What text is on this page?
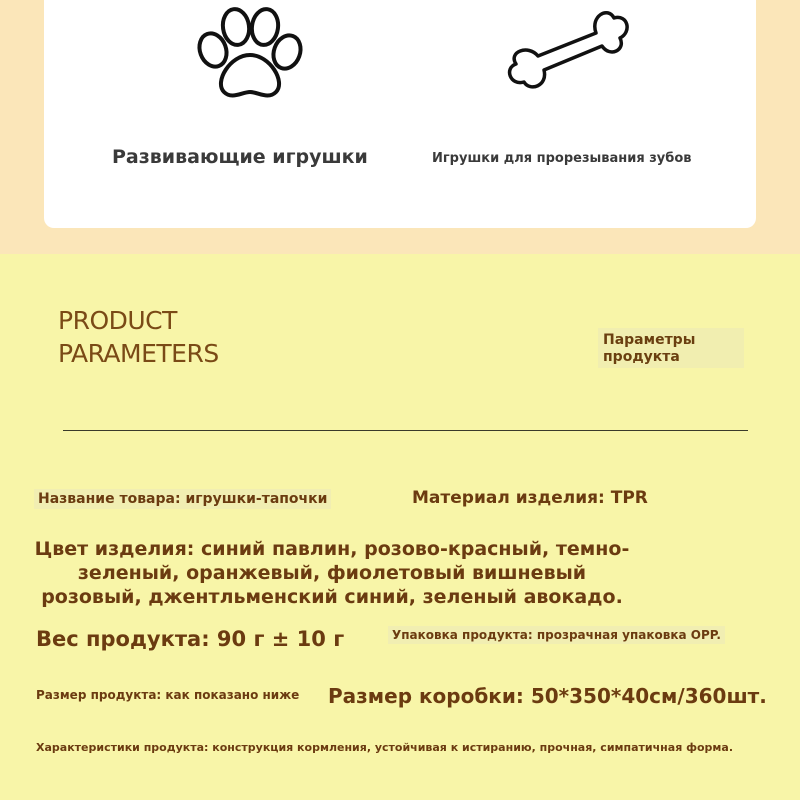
Развивающие игрушки	Игрушки для прорезывания зубов
PRODUCT
PARAMETERS	Параметры продукта
Название товара: игрушки-тапочки	Материал изделия: TPR
Цвет изделия: синий павлин, розово-красный, темно-зеленый, оранжевый, фиолетовый вишневый розовый, джентльменский синий, зеленый авокадо.
Вес продукта: 90 г ± 10 г	Упаковка продукта: прозрачная упаковка OPP.
Размер продукта: как показано ниже Размер коробки: 50*350*40см/360шт.
Характеристики продукта: конструкция кормления, устойчивая к истиранию, прочная, симпатичная форма.
